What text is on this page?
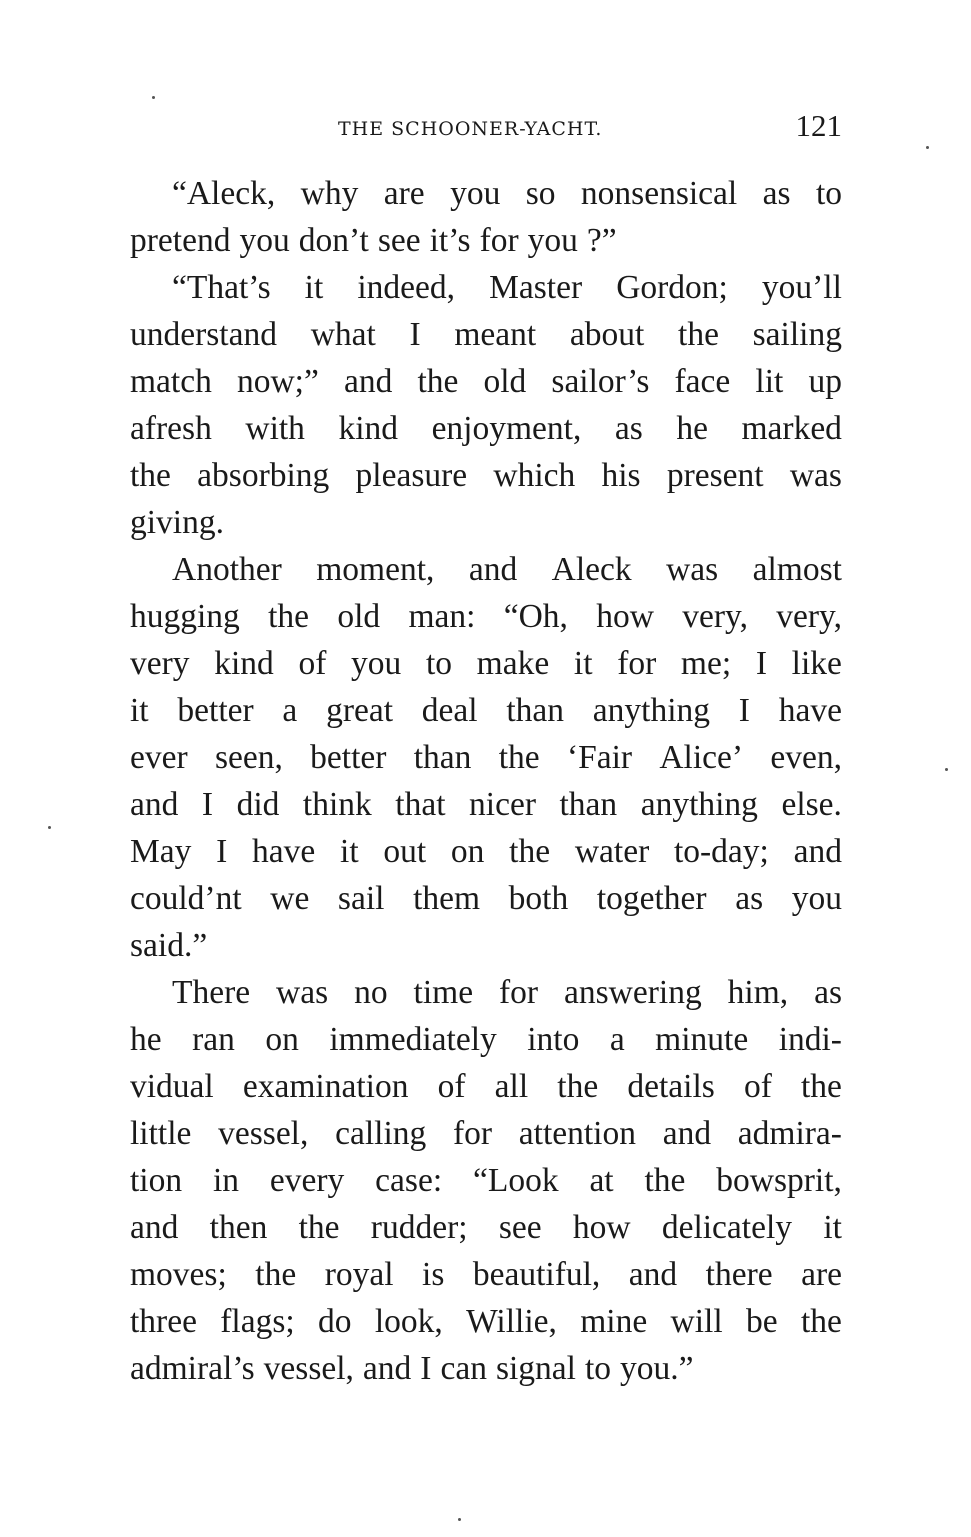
THE SCHOONER-YACHT.	121
“Aleck, why are you so nonsensical as to
pretend you don’t see it’s for you ?”
“That’s it indeed, Master Gordon; you’ll
understand what I meant about the sailing
match now;” and the old sailor’s face lit up
afresh with kind enjoyment, as he marked
the absorbing pleasure which his present was
giving.
Another moment, and Aleck was almost
hugging the old man: “Oh, how very, very,
very kind of you to make it for me; I like
it better a great deal than anything I have
ever seen, better than the ‘Fair Alice’ even,
and I did think that nicer than anything else.
May I have it out on the water to-day; and
could’nt we sail them both together as you
said.”
There was no time for answering him, as
he ran on immediately into a minute indi-
vidual examination of all the details of the
little vessel, calling for attention and admira-
tion in every case: “Look at the bowsprit,
and then the rudder; see how delicately it
moves; the royal is beautiful, and there are
three flags; do look, Willie, mine will be the
admiral’s vessel, and I can signal to you.”
